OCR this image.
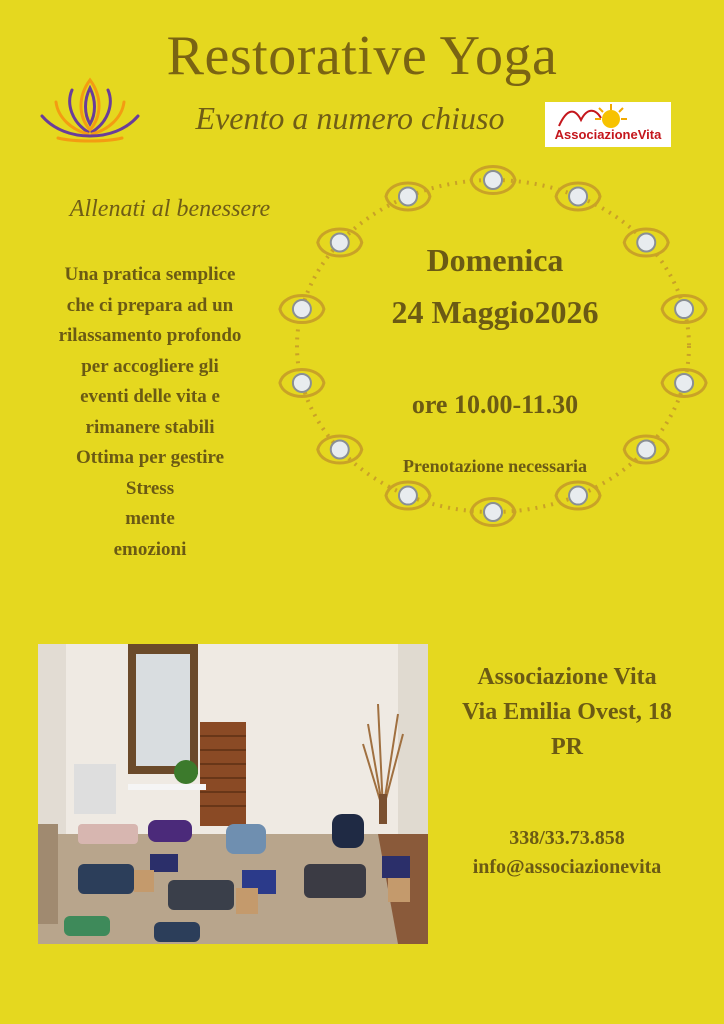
Restorative Yoga
Evento a numero chiuso	AssociazioneVita
Allenati al benessere
Una pratica semplice
che ci prepara ad un
rilassamento profondo
per accogliere gli
eventi delle vita e
rimanere stabili
Ottima per gestire
Stress
mente
emozioni
Domenica
24 Maggio2026
ore 10.00-11.30
Prenotazione necessaria
Associazione Vita
Via Emilia Ovest, 18
PR
338/33.73.858
info@associazionevita
